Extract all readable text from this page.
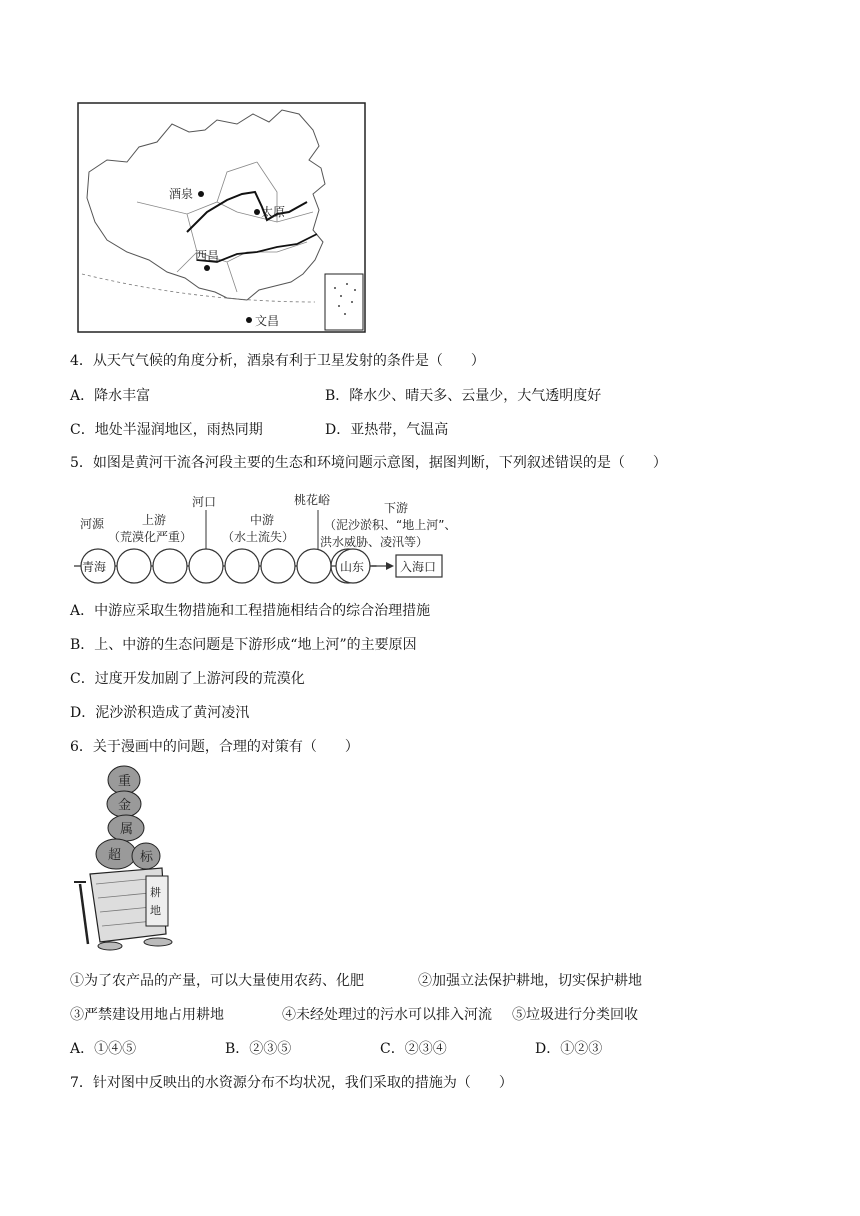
酒泉
太原
西昌
文昌
4．从天气气候的角度分析，酒泉有利于卫星发射的条件是（　　）
A．降水丰富	B．降水少、晴天多、云量少，大气透明度好
C．地处半湿润地区，雨热同期	D．亚热带，气温高
5．如图是黄河干流各河段主要的生态和环境问题示意图，据图判断，下列叙述错误的是（　　）
青海	山东	入海口
河源	上游
（荒漠化严重）
河口
中游
（水土流失）
桃花峪
下游
（泥沙淤积、“地上河”、
洪水威胁、凌汛等）
A．中游应采取生物措施和工程措施相结合的综合治理措施
B．上、中游的生态问题是下游形成“地上河”的主要原因
C．过度开发加剧了上游河段的荒漠化
D．泥沙淤积造成了黄河凌汛
6．关于漫画中的问题，合理的对策有（　　）
重
金
属
超 标
耕
地
①为了农产品的产量，可以大量使用农药、化肥	②加强立法保护耕地，切实保护耕地
③严禁建设用地占用耕地	④未经处理过的污水可以排入河流 ⑤垃圾进行分类回收
A．①④⑤	B．②③⑤	C．②③④	D．①②③
7．针对图中反映出的水资源分布不均状况，我们采取的措施为（　　）
